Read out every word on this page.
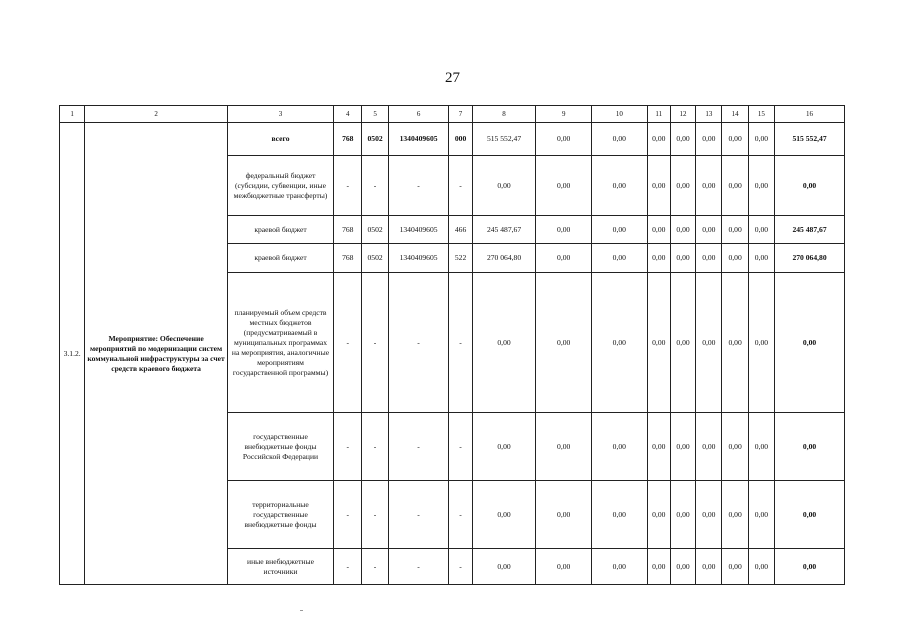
27
1	2	3	4	5	6	7	8	9	10	11	12	13	14	15	16
3.1.2.	Мероприятие: Обеспечение мероприятий по модернизации систем коммунальной инфраструктуры за счет средств краевого бюджета	всего	768	0502	1340409605	000	515 552,47	0,00	0,00	0,00	0,00	0,00	0,00	0,00	515 552,47
		федеральный бюджет (субсидии, субвенции, иные межбюджетные трансферты)	-	-	-	-	0,00	0,00	0,00	0,00	0,00	0,00	0,00	0,00	0,00
		краевой бюджет	768	0502	1340409605	466	245 487,67	0,00	0,00	0,00	0,00	0,00	0,00	0,00	245 487,67
		краевой бюджет	768	0502	1340409605	522	270 064,80	0,00	0,00	0,00	0,00	0,00	0,00	0,00	270 064,80
		планируемый объем средств местных бюджетов (предусматриваемый в муниципальных программах на мероприятия, аналогичные мероприятиям государственной программы)	-	-	-	-	0,00	0,00	0,00	0,00	0,00	0,00	0,00	0,00	0,00
		государственные внебюджетные фонды Российской Федерации	-	-	-	-	0,00	0,00	0,00	0,00	0,00	0,00	0,00	0,00	0,00
		территориальные государственные внебюджетные фонды	-	-	-	-	0,00	0,00	0,00	0,00	0,00	0,00	0,00	0,00	0,00
		иные внебюджетные источники	-	-	-	-	0,00	0,00	0,00	0,00	0,00	0,00	0,00	0,00	0,00
